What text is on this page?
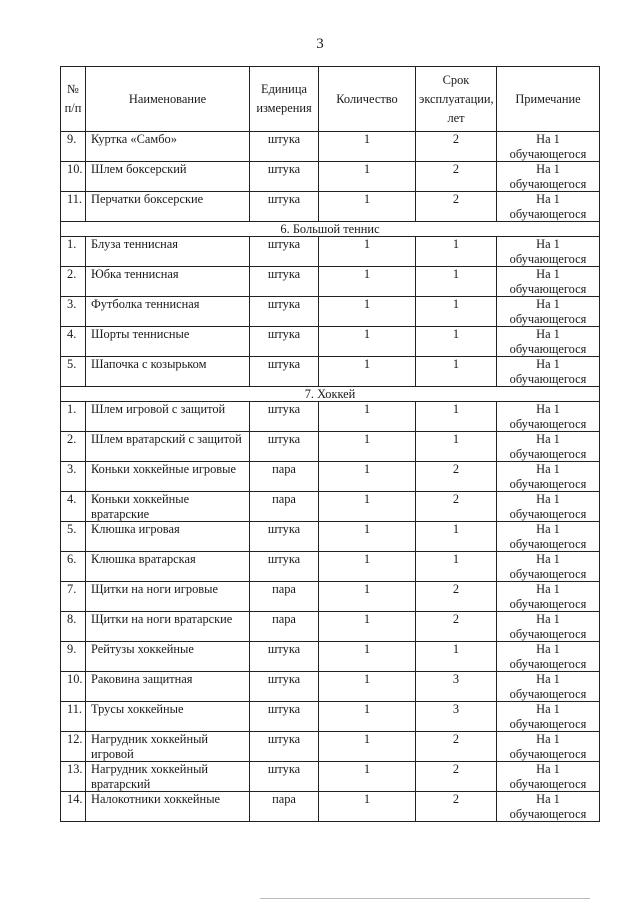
3
№ п/п	Наименование	Единица измерения	Количество	Срок эксплуатации, лет	Примечание
9.	Куртка «Самбо»	штука	1	2	На 1 обучающегося
10.	Шлем боксерский	штука	1	2	На 1 обучающегося
11.	Перчатки боксерские	штука	1	2	На 1 обучающегося
6. Большой теннис					
1.	Блуза теннисная	штука	1	1	На 1 обучающегося
2.	Юбка теннисная	штука	1	1	На 1 обучающегося
3.	Футболка теннисная	штука	1	1	На 1 обучающегося
4.	Шорты теннисные	штука	1	1	На 1 обучающегося
5.	Шапочка с козырьком	штука	1	1	На 1 обучающегося
7. Хоккей					
1.	Шлем игровой с защитой	штука	1	1	На 1 обучающегося
2.	Шлем вратарский с защитой	штука	1	1	На 1 обучающегося
3.	Коньки хоккейные игровые	пара	1	2	На 1 обучающегося
4.	Коньки хоккейные вратарские	пара	1	2	На 1 обучающегося
5.	Клюшка игровая	штука	1	1	На 1 обучающегося
6.	Клюшка вратарская	штука	1	1	На 1 обучающегося
7.	Щитки на ноги игровые	пара	1	2	На 1 обучающегося
8.	Щитки на ноги вратарские	пара	1	2	На 1 обучающегося
9.	Рейтузы хоккейные	штука	1	1	На 1 обучающегося
10.	Раковина защитная	штука	1	3	На 1 обучающегося
11.	Трусы хоккейные	штука	1	3	На 1 обучающегося
12.	Нагрудник хоккейный игровой	штука	1	2	На 1 обучающегося
13.	Нагрудник хоккейный вратарский	штука	1	2	На 1 обучающегося
14.	Налокотники хоккейные	пара	1	2	На 1 обучающегося
